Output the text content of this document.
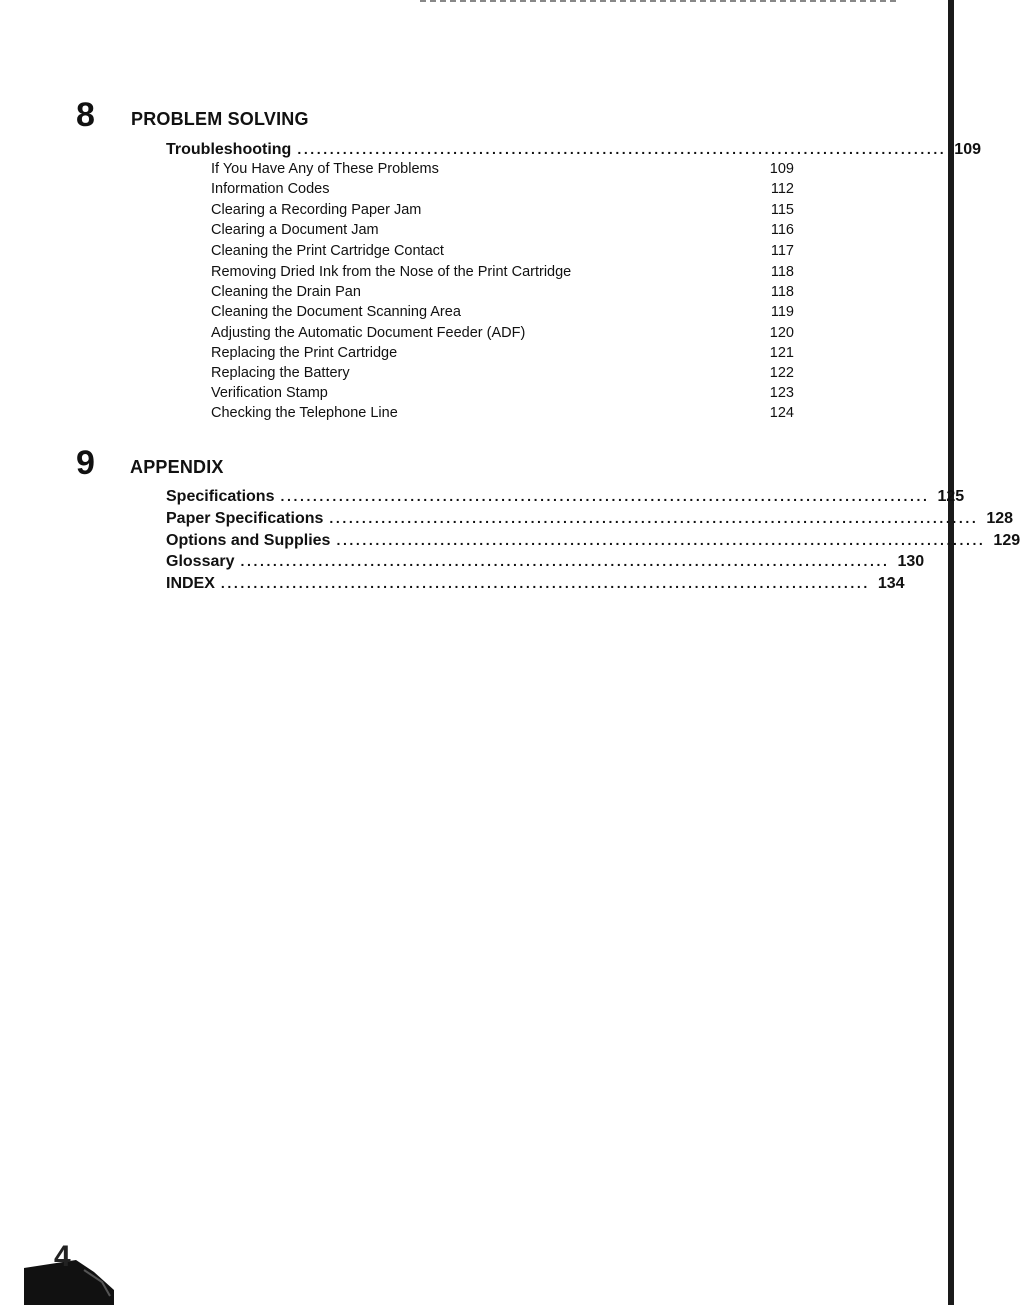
8 PROBLEM SOLVING
Troubleshooting .................................................................................................... 109
If You Have Any of These Problems	109
Information Codes	112
Clearing a Recording Paper Jam	115
Clearing a Document Jam	116
Cleaning the Print Cartridge Contact	117
Removing Dried Ink from the Nose of the Print Cartridge	118
Cleaning the Drain Pan	118
Cleaning the Document Scanning Area	119
Adjusting the Automatic Document Feeder (ADF)	120
Replacing the Print Cartridge	121
Replacing the Battery	122
Verification Stamp	123
Checking the Telephone Line	124
9 APPENDIX
Specifications .................................................................................................... 125
Paper Specifications .................................................................................................... 128
Options and Supplies .................................................................................................... 129
Glossary .................................................................................................... 130
INDEX .................................................................................................... 134
4
